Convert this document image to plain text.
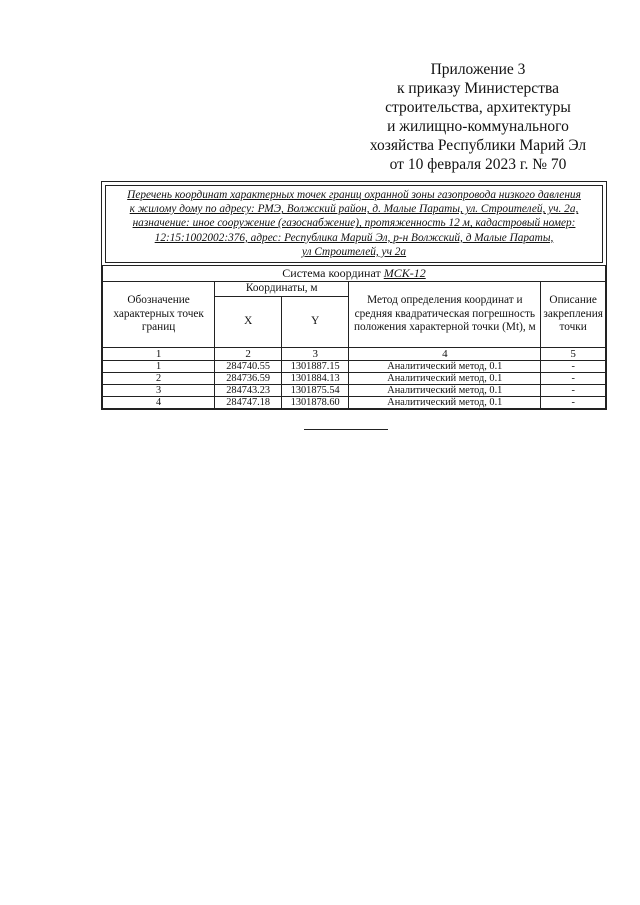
Приложение 3
к приказу Министерства
строительства, архитектуры
и жилищно-коммунального
хозяйства Республики Марий Эл
от 10 февраля 2023 г. № 70
Перечень координат характерных точек границ охранной зоны газопровода низкого давления
к жилому дому по адресу: РМЭ, Волжский район, д. Малые Параты, ул. Строителей, уч. 2а,
назначение: иное сооружение (газоснабжение), протяженность 12 м, кадастровый номер:
12:15:1002002:376, адрес: Республика Марий Эл, р-н Волжский, д Малые Параты,
ул Строителей, уч 2а
Система координат МСК-12				
Обозначение характерных точек границ	Координаты, м		Метод определения координат и средняя квадратическая погрешность положения характерной точки (Mt), м	Описание закрепления точки
	X	Y		
1	2	3	4	5
1	284740.55	1301887.15	Аналитический метод, 0.1	-
2	284736.59	1301884.13	Аналитический метод, 0.1	-
3	284743.23	1301875.54	Аналитический метод, 0.1	-
4	284747.18	1301878.60	Аналитический метод, 0.1	-
